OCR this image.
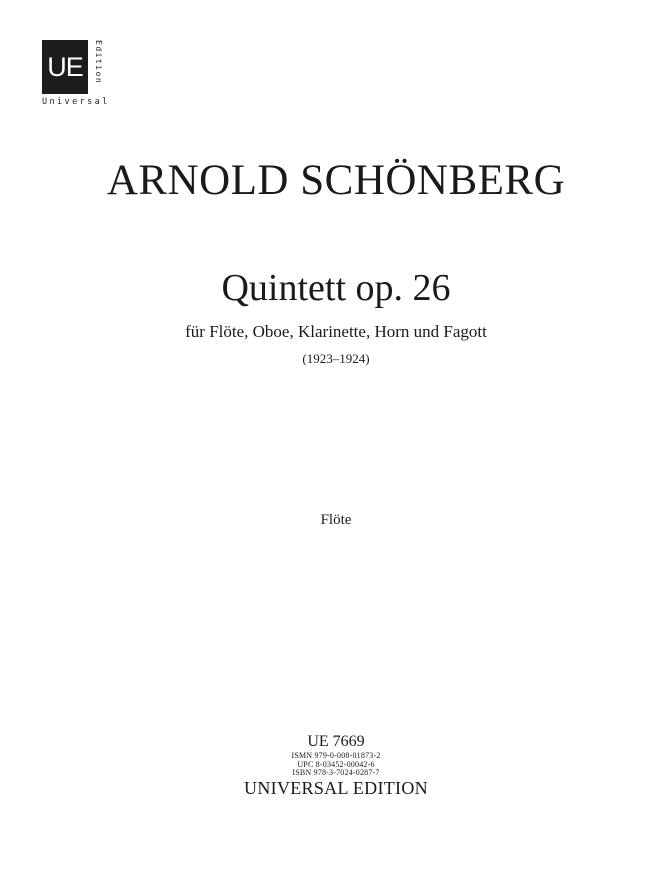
UE	Edition
Universal
ARNOLD SCHÖNBERG
Quintett op. 26
für Flöte, Oboe, Klarinette, Horn und Fagott
(1923–1924)
Flöte
UE 7669
ISMN 979-0-008-01873-2
UPC 8-03452-00042-6
ISBN 978-3-7024-0287-7
UNIVERSAL EDITION
